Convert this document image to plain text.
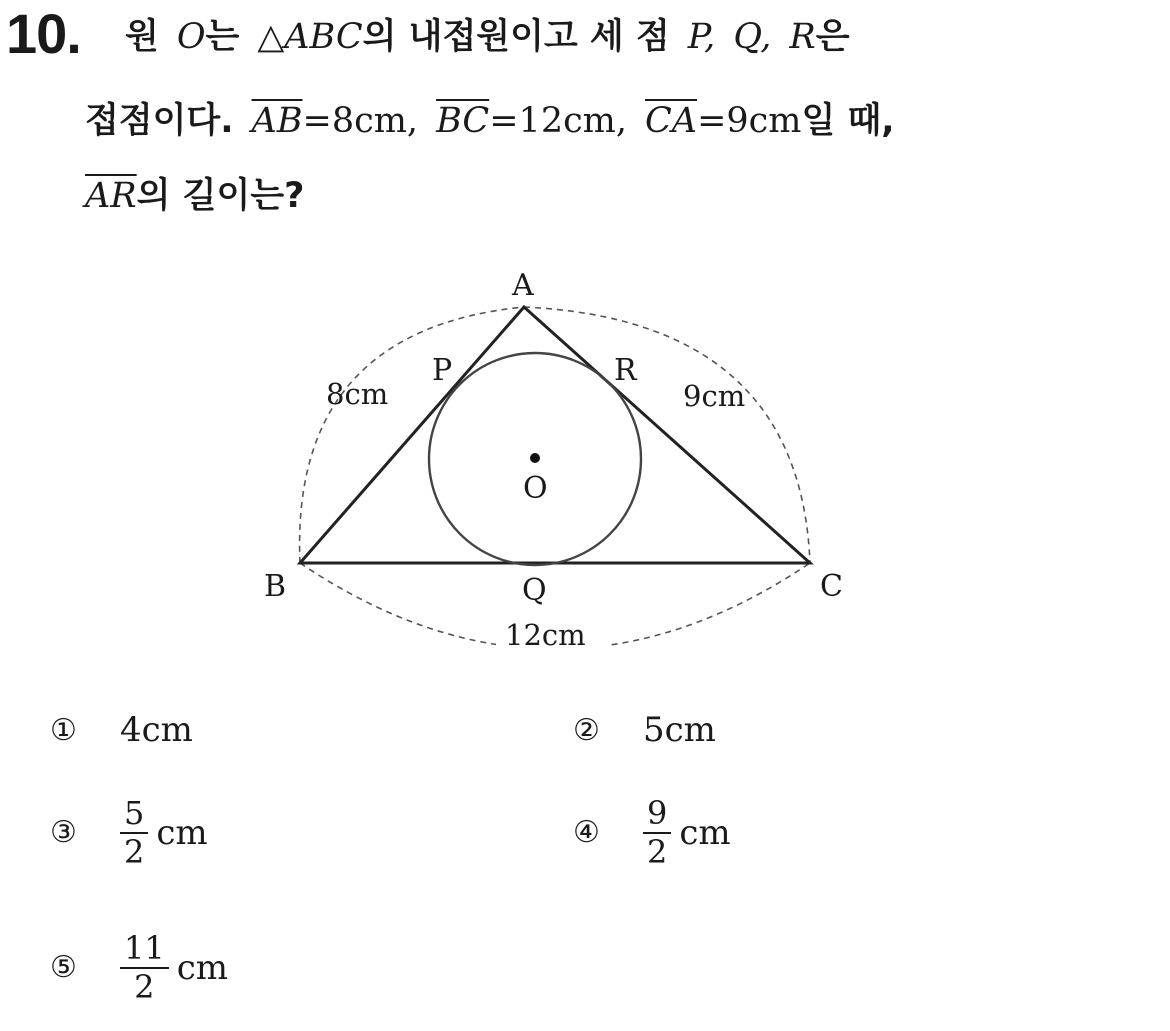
10. 원 O는 △ABC의 내접원이고 세 점 P, Q, R은
접점이다. $\overline{AB}=8cm$, $\overline{BC}=12cm$, $\overline{CA}=9cm$일 때,
$\overline{AR}$의 길이는?
A
B	C
P	R
Q
O
8cm	9cm
12cm
①	4cm	②	5cm
③	$\frac{5}{2}$ cm	④	$\frac{9}{2}$ cm
⑤	$\frac{11}{2}$ cm
